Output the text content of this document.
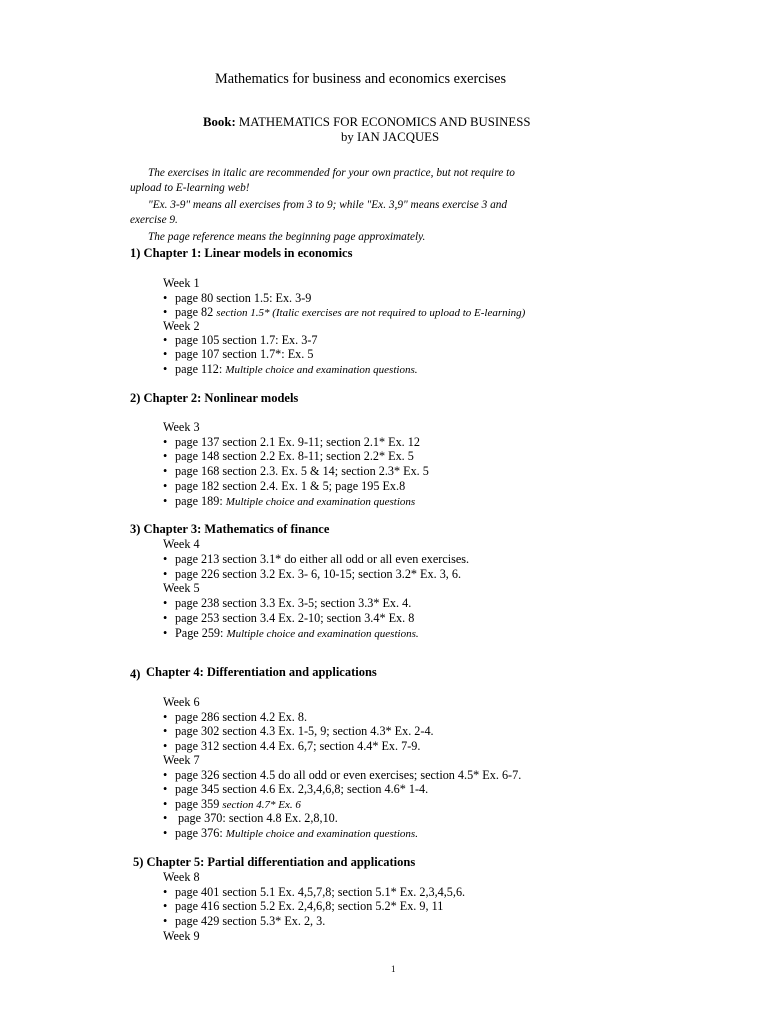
Mathematics for business and economics exercises
Book: MATHEMATICS FOR ECONOMICS AND BUSINESS
by IAN JACQUES
The exercises in italic are recommended for your own practice, but not require to
upload to E-learning web!
"Ex. 3-9" means all exercises from 3 to 9; while "Ex. 3,9" means exercise 3 and
exercise 9.
The page reference means the beginning page approximately.
1) Chapter 1: Linear models in economics
Week 1
• page 80 section 1.5: Ex. 3-9
• page 82 section 1.5* (Italic exercises are not required to upload to E-learning)
Week 2
• page 105 section 1.7: Ex. 3-7
• page 107 section 1.7*: Ex. 5
• page 112: Multiple choice and examination questions.
2) Chapter 2: Nonlinear models
Week 3
• page 137 section 2.1 Ex. 9-11; section 2.1* Ex. 12
• page 148 section 2.2 Ex. 8-11; section 2.2* Ex. 5
• page 168 section 2.3. Ex. 5 & 14; section 2.3* Ex. 5
• page 182 section 2.4. Ex. 1 & 5; page 195 Ex.8
• page 189: Multiple choice and examination questions
3) Chapter 3: Mathematics of finance
Week 4
• page 213 section 3.1* do either all odd or all even exercises.
• page 226 section 3.2 Ex. 3- 6, 10-15; section 3.2* Ex. 3, 6.
Week 5
• page 238 section 3.3 Ex. 3-5; section 3.3* Ex. 4.
• page 253 section 3.4 Ex. 2-10; section 3.4* Ex. 8
• Page 259: Multiple choice and examination questions.
4) Chapter 4: Differentiation and applications
Week 6
• page 286 section 4.2 Ex. 8.
• page 302 section 4.3 Ex. 1-5, 9; section 4.3* Ex. 2-4.
• page 312 section 4.4 Ex. 6,7; section 4.4* Ex. 7-9.
Week 7
• page 326 section 4.5 do all odd or even exercises; section 4.5* Ex. 6-7.
• page 345 section 4.6 Ex. 2,3,4,6,8; section 4.6* 1-4.
• page 359 section 4.7* Ex. 6
• page 370: section 4.8 Ex. 2,8,10.
• page 376: Multiple choice and examination questions.
5) Chapter 5: Partial differentiation and applications
Week 8
• page 401 section 5.1 Ex. 4,5,7,8; section 5.1* Ex. 2,3,4,5,6.
• page 416 section 5.2 Ex. 2,4,6,8; section 5.2* Ex. 9, 11
• page 429 section 5.3* Ex. 2, 3.
Week 9
1
